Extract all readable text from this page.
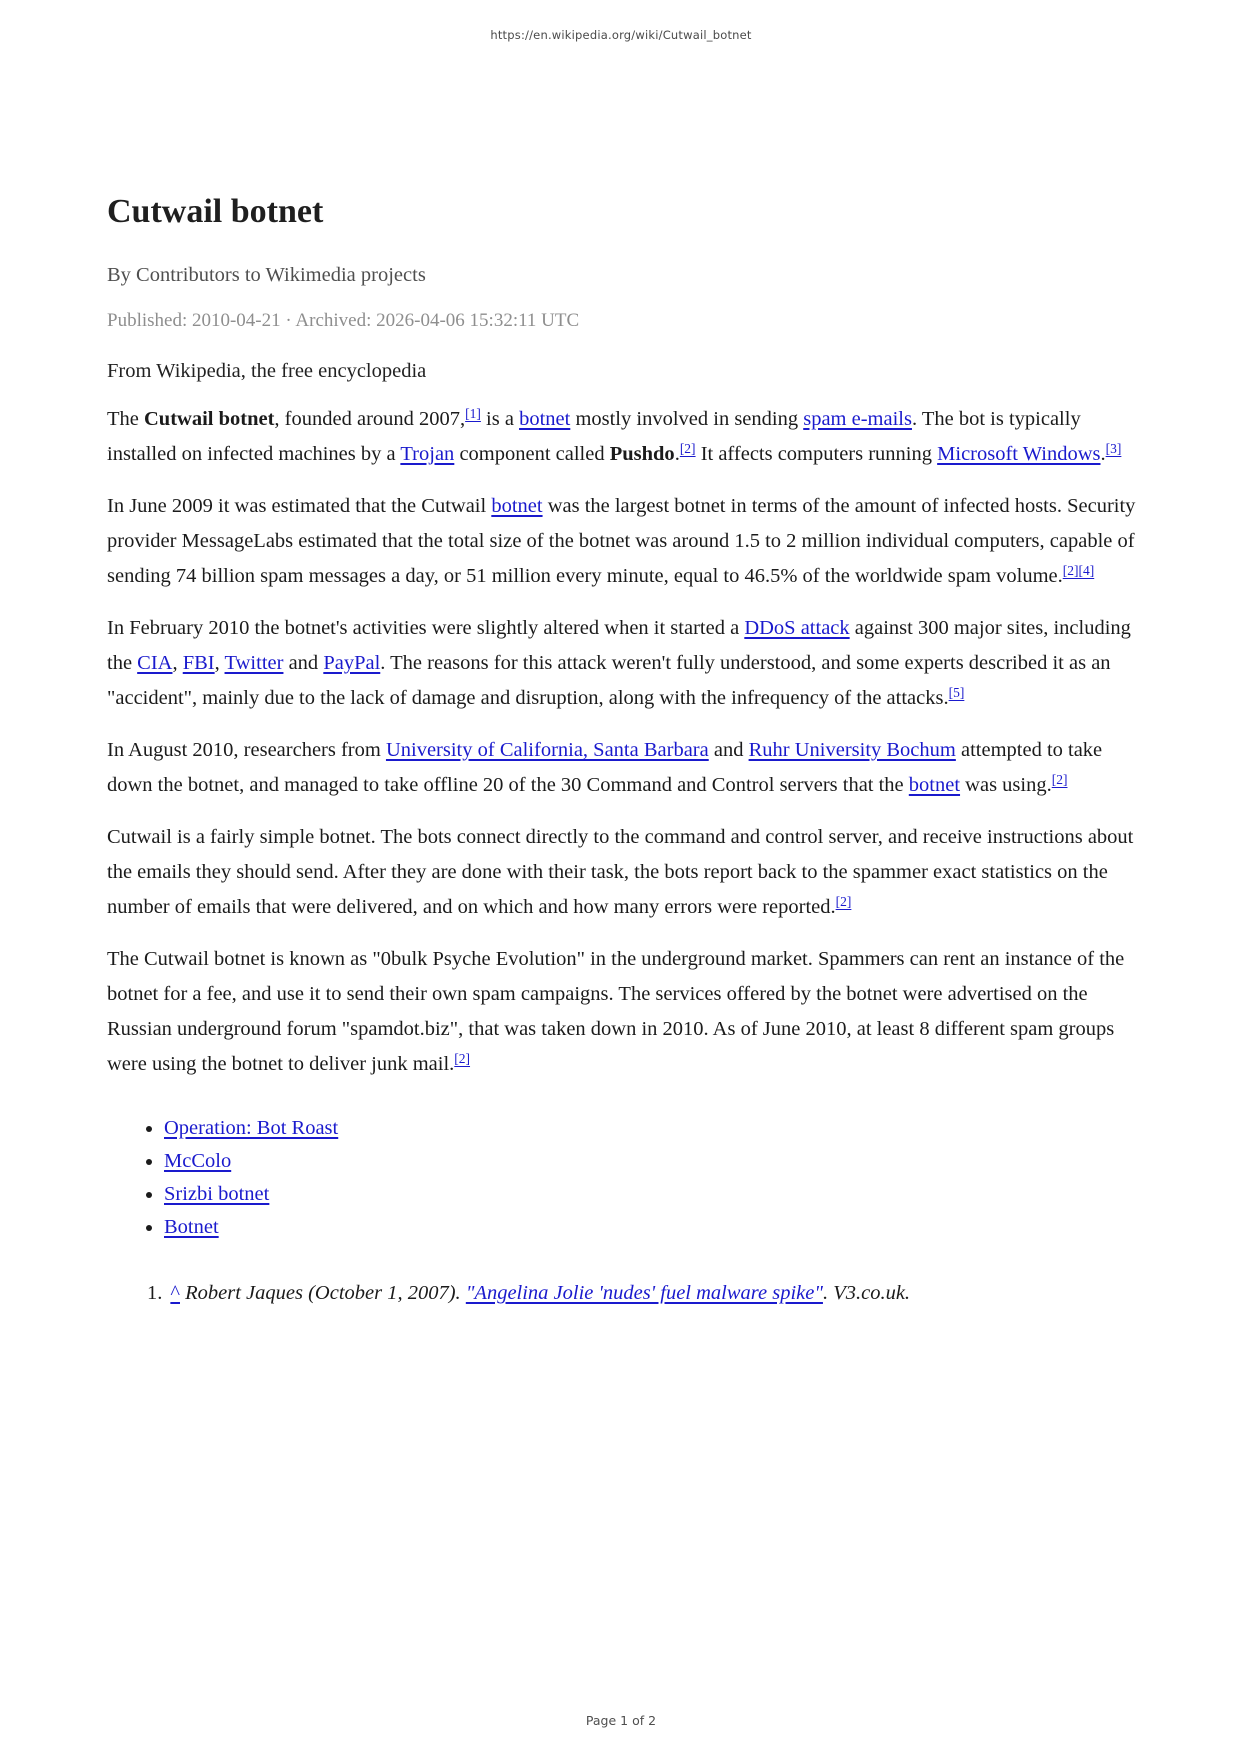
https://en.wikipedia.org/wiki/Cutwail_botnet
Cutwail botnet

By Contributors to Wikimedia projects

Published: 2010-04-21 · Archived: 2026-04-06 15:32:11 UTC

From Wikipedia, the free encyclopedia

The Cutwail botnet, founded around 2007,[1] is a botnet mostly involved in sending spam e-mails. The bot is typically installed on infected machines by a Trojan component called Pushdo.[2] It affects computers running Microsoft Windows.[3]

In June 2009 it was estimated that the Cutwail botnet was the largest botnet in terms of the amount of infected hosts. Security provider MessageLabs estimated that the total size of the botnet was around 1.5 to 2 million individual computers, capable of sending 74 billion spam messages a day, or 51 million every minute, equal to 46.5% of the worldwide spam volume.[2][4]

In February 2010 the botnet's activities were slightly altered when it started a DDoS attack against 300 major sites, including the CIA, FBI, Twitter and PayPal. The reasons for this attack weren't fully understood, and some experts described it as an "accident", mainly due to the lack of damage and disruption, along with the infrequency of the attacks.[5]

In August 2010, researchers from University of California, Santa Barbara and Ruhr University Bochum attempted to take down the botnet, and managed to take offline 20 of the 30 Command and Control servers that the botnet was using.[2]

Cutwail is a fairly simple botnet. The bots connect directly to the command and control server, and receive instructions about the emails they should send. After they are done with their task, the bots report back to the spammer exact statistics on the number of emails that were delivered, and on which and how many errors were reported.[2]

The Cutwail botnet is known as "0bulk Psyche Evolution" in the underground market. Spammers can rent an instance of the botnet for a fee, and use it to send their own spam campaigns. The services offered by the botnet were advertised on the Russian underground forum "spamdot.biz", that was taken down in 2010. As of June 2010, at least 8 different spam groups were using the botnet to deliver junk mail.[2]

• Operation: Bot Roast
• McColo
• Srizbi botnet
• Botnet
1. ^ Robert Jaques (October 1, 2007). "Angelina Jolie 'nudes' fuel malware spike". V3.co.uk.
Page 1 of 2
